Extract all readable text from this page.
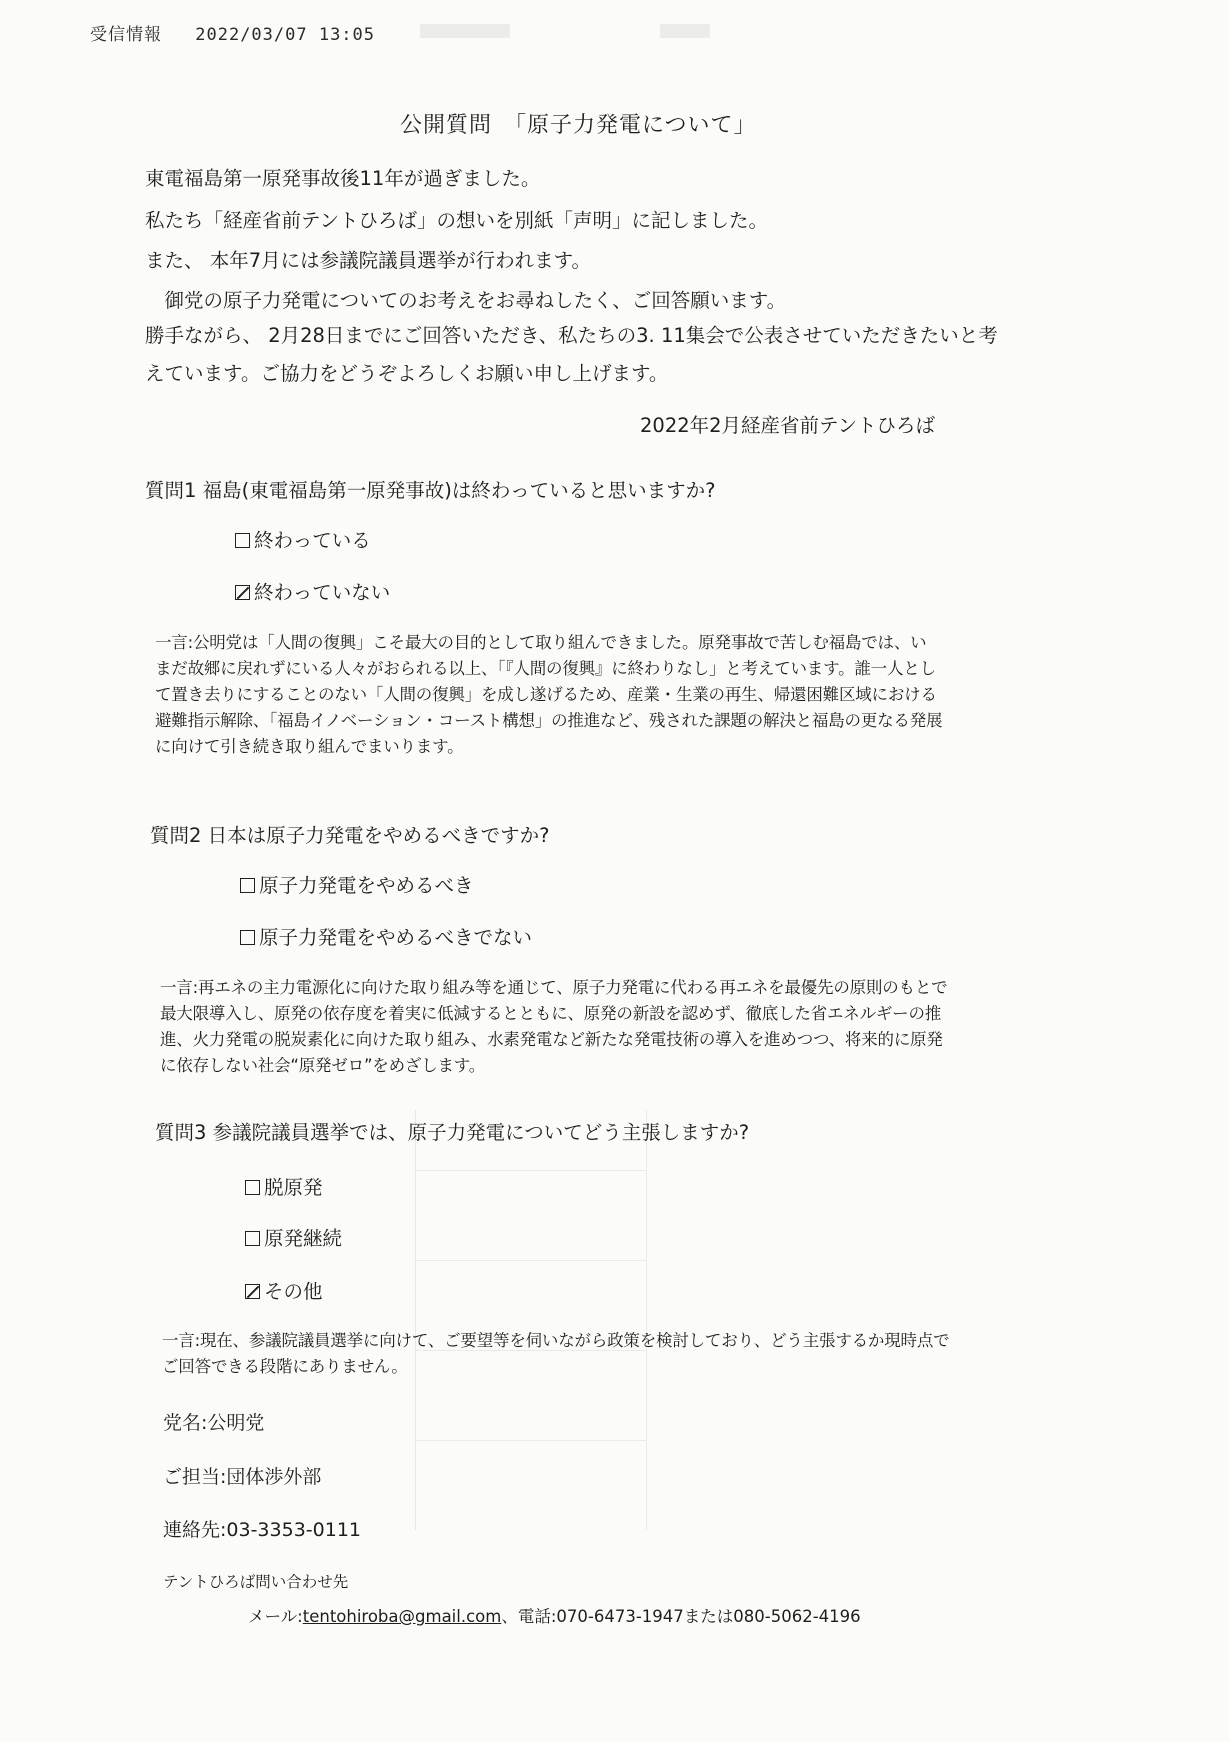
受信情報 2022/03/07 13:05
公開質問　「原子力発電について」
東電福島第一原発事故後11年が過ぎました。
私たち「経産省前テントひろば」の想いを別紙「声明」に記しました。
また、 本年7月には参議院議員選挙が行われます。
　御党の原子力発電についてのお考えをお尋ねしたく、ご回答願います。
勝手ながら、 2月28日までにご回答いただき、私たちの3. 11集会で公表させていただきたいと考
えています。ご協力をどうぞよろしくお願い申し上げます。
2022年2月経産省前テントひろば
質問1 福島(東電福島第一原発事故)は終わっていると思いますか?
終わっている
終わっていない
一言:公明党は「人間の復興」こそ最大の目的として取り組んできました。原発事故で苦しむ福島では、い
まだ故郷に戻れずにいる人々がおられる以上、「『人間の復興』に終わりなし」と考えています。誰一人とし
て置き去りにすることのない「人間の復興」を成し遂げるため、産業・生業の再生、帰還困難区域における
避難指示解除、「福島イノベーション・コースト構想」の推進など、残された課題の解決と福島の更なる発展
に向けて引き続き取り組んでまいります。
質問2 日本は原子力発電をやめるべきですか?
原子力発電をやめるべき
原子力発電をやめるべきでない
一言:再エネの主力電源化に向けた取り組み等を通じて、原子力発電に代わる再エネを最優先の原則のもとで
最大限導入し、原発の依存度を着実に低減するとともに、原発の新設を認めず、徹底した省エネルギーの推
進、火力発電の脱炭素化に向けた取り組み、水素発電など新たな発電技術の導入を進めつつ、将来的に原発
に依存しない社会“原発ゼロ”をめざします。
質問3 参議院議員選挙では、原子力発電についてどう主張しますか?
脱原発
原発継続
その他
一言:現在、参議院議員選挙に向けて、ご要望等を伺いながら政策を検討しており、どう主張するか現時点で
ご回答できる段階にありません。
党名:公明党
ご担当:団体渉外部
連絡先:03-3353-0111
テントひろば問い合わせ先
メール:tentohiroba@gmail.com、電話:070-6473-1947または080-5062-4196
